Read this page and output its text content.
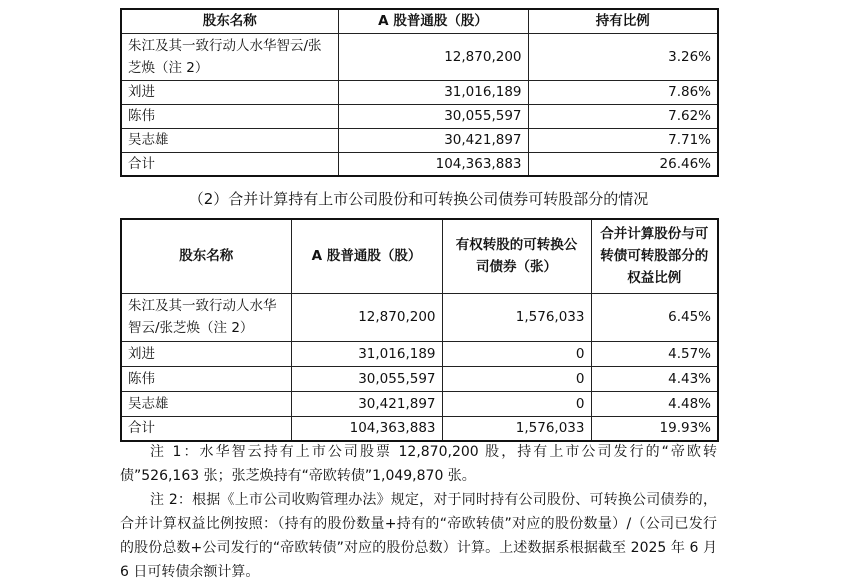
股东名称	A 股普通股（股）	持有比例
朱江及其一致行动人水华智云/张芝焕（注 2）	12,870,200	3.26%
刘进	31,016,189	7.86%
陈伟	30,055,597	7.62%
吴志雄	30,421,897	7.71%
合计	104,363,883	26.46%
（2）合并计算持有上市公司股份和可转换公司债券可转股部分的情况
股东名称	A 股普通股（股）	有权转股的可转换公司债券（张）	合并计算股份与可转债可转股部分的权益比例
朱江及其一致行动人水华智云/张芝焕（注 2）	12,870,200	1,576,033	6.45%
刘进	31,016,189	0	4.57%
陈伟	30,055,597	0	4.43%
吴志雄	30,421,897	0	4.48%
合计	104,363,883	1,576,033	19.93%

注 1：水华智云持有上市公司股票 12,870,200 股，持有上市公司发行的“帝欧转债”526,163 张；张芝焕持有“帝欧转债”1,049,870 张。

注 2：根据《上市公司收购管理办法》规定，对于同时持有公司股份、可转换公司债券的，合并计算权益比例按照：（持有的股份数量+持有的“帝欧转债”对应的股份数量）/（公司已发行的股份总数+公司发行的“帝欧转债”对应的股份总数）计算。上述数据系根据截至 2025 年 6 月 6 日可转债余额计算。
